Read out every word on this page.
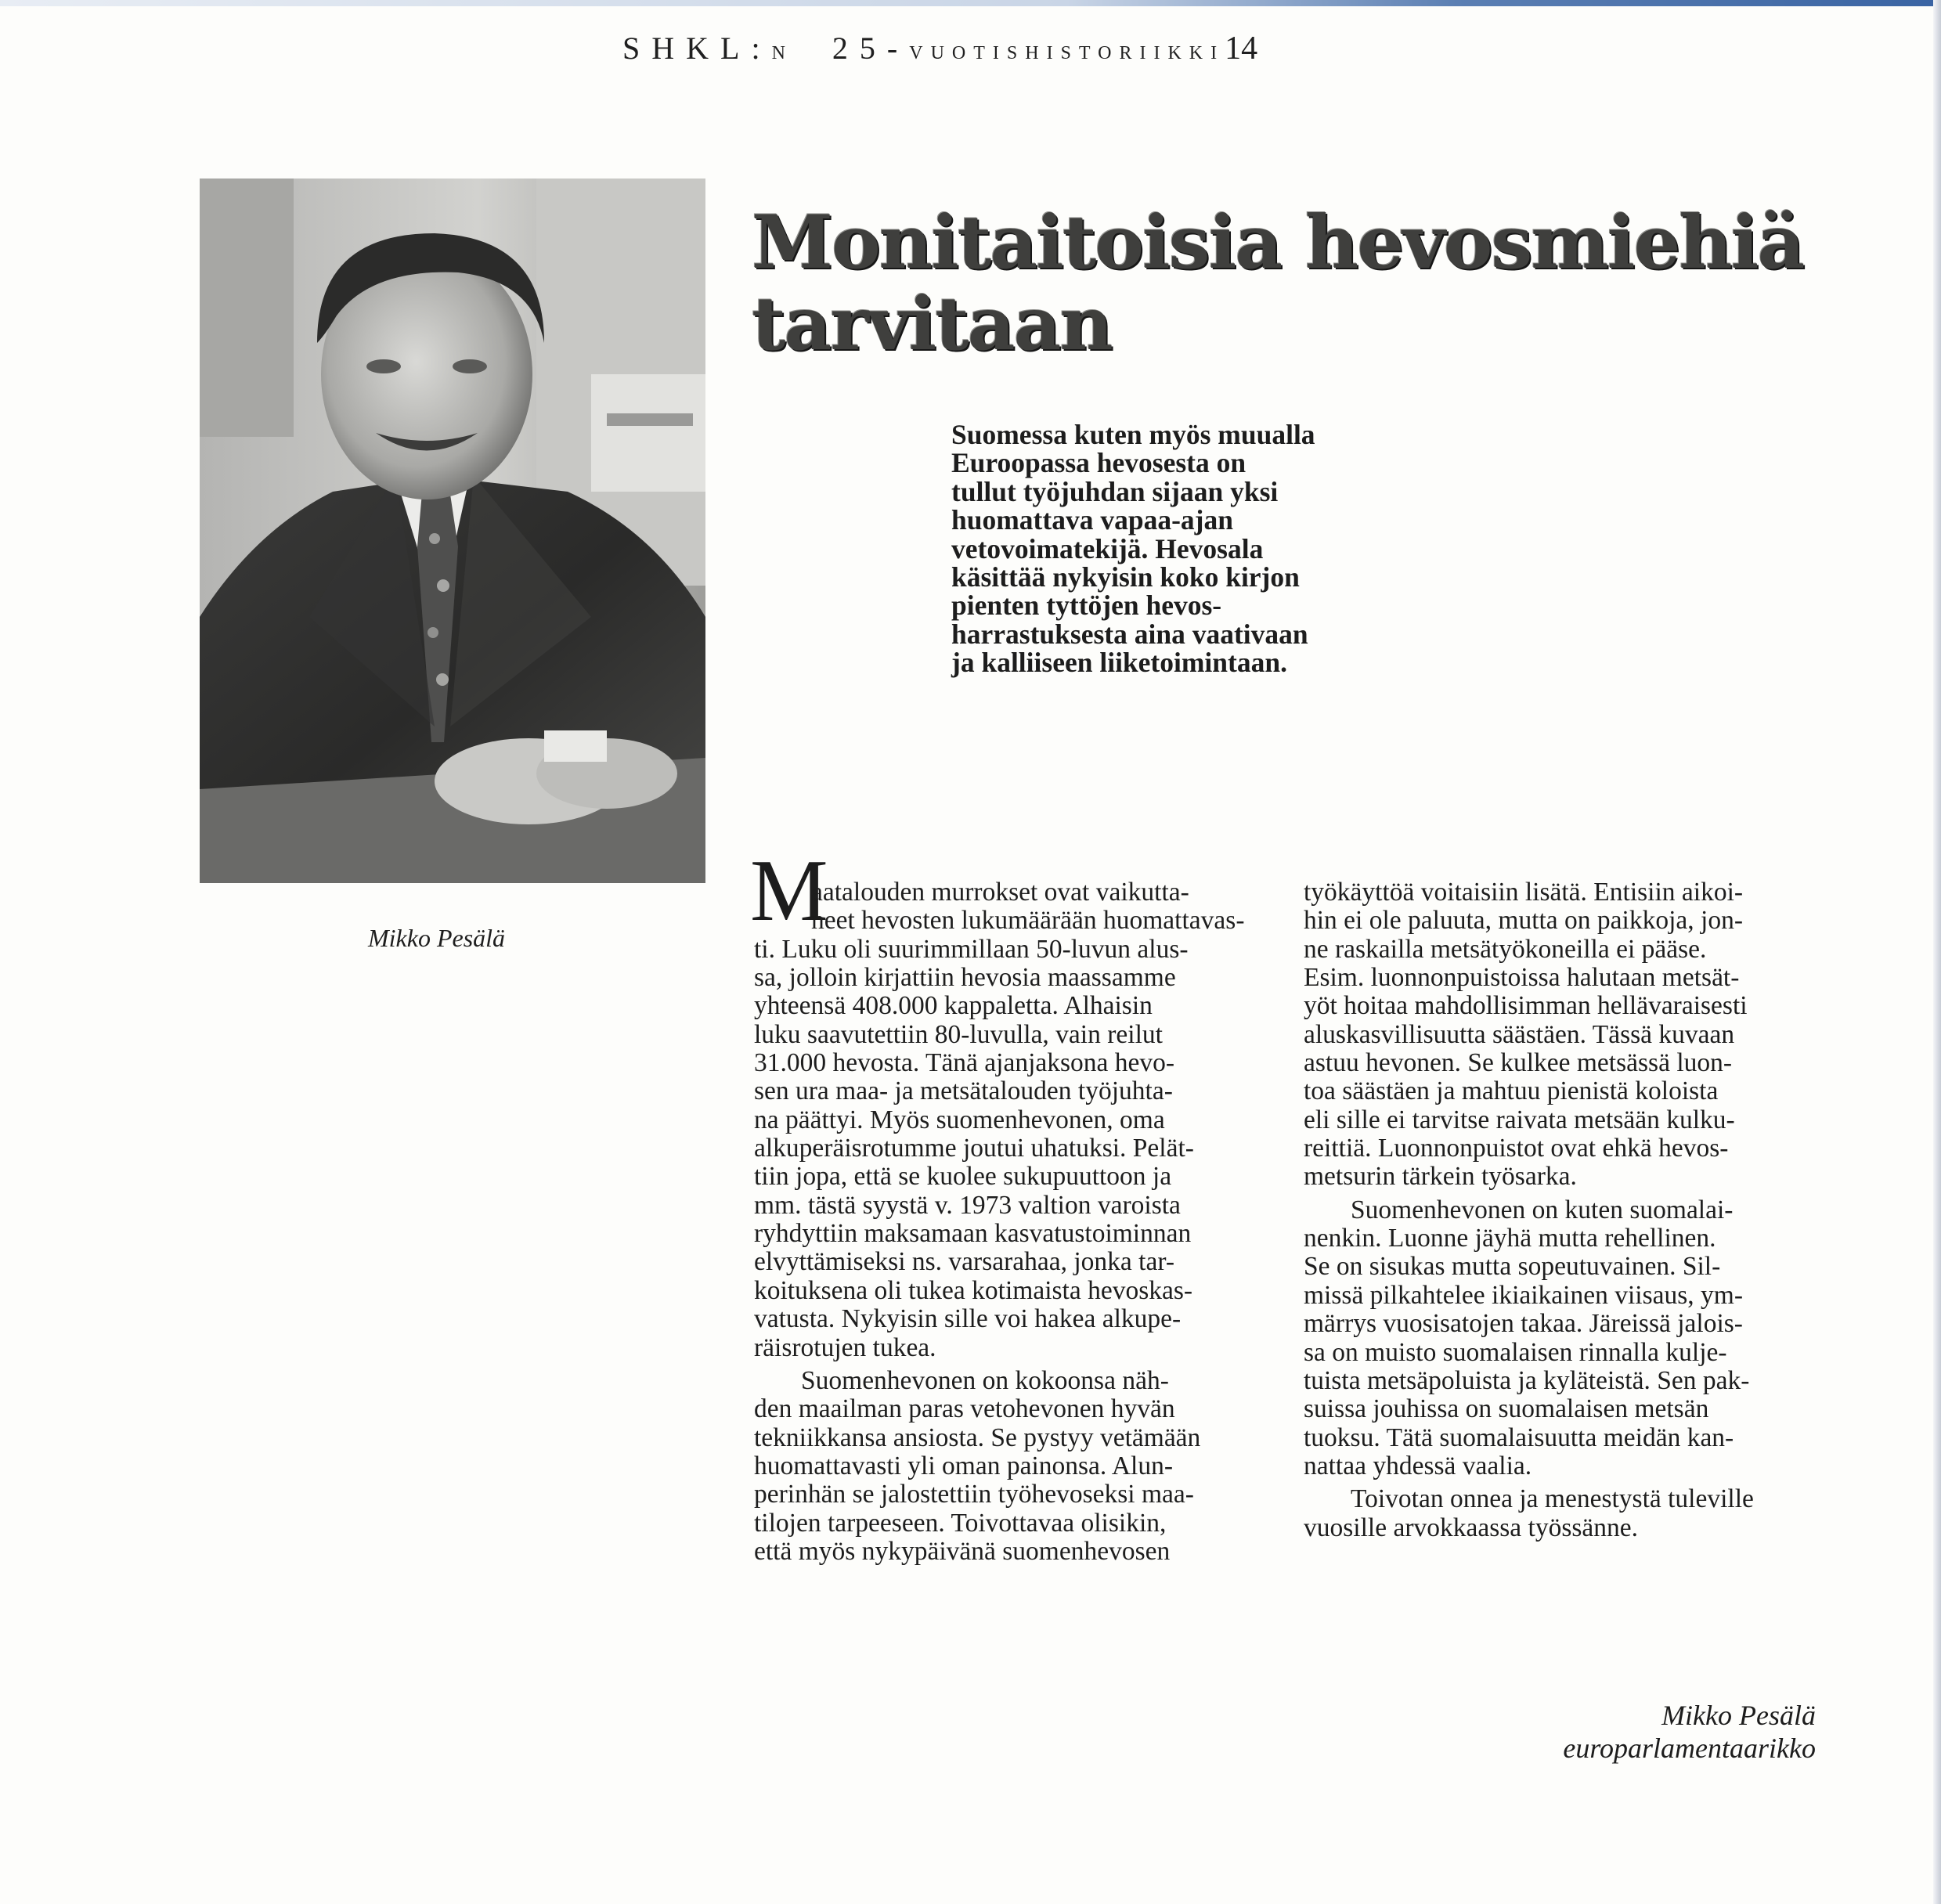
SHKL:N 25-VUOTISHISTORIIKKI14
Mikko Pesälä
Monitaitoisia hevosmiehiä
tarvitaan
Suomessa kuten myös muualla
Euroopassa hevosesta on
tullut työjuhdan sijaan yksi
huomattava vapaa-ajan
vetovoimatekijä. Hevosala
käsittää nykyisin koko kirjon
pienten tyttöjen hevos-
harrastuksesta aina vaativaan
ja kalliiseen liiketoimintaan.
M
aatalouden murrokset ovat vaikutta-
neet hevosten lukumäärään huomattavas-
ti. Luku oli suurimmillaan 50-luvun alus-
sa, jolloin kirjattiin hevosia maassamme
yhteensä 408.000 kappaletta. Alhaisin
luku saavutettiin 80-luvulla, vain reilut
31.000 hevosta. Tänä ajanjaksona hevo-
sen ura maa- ja metsätalouden työjuhta-
na päättyi. Myös suomenhevonen, oma
alkuperäisrotumme joutui uhatuksi. Pelät-
tiin jopa, että se kuolee sukupuuttoon ja
mm. tästä syystä v. 1973 valtion varoista
ryhdyttiin maksamaan kasvatustoiminnan
elvyttämiseksi ns. varsarahaa, jonka tar-
koituksena oli tukea kotimaista hevoskas-
vatusta. Nykyisin sille voi hakea alkupe-
räisrotujen tukea.
Suomenhevonen on kokoonsa näh-
den maailman paras vetohevonen hyvän
tekniikkansa ansiosta. Se pystyy vetämään
huomattavasti yli oman painonsa. Alun-
perinhän se jalostettiin työhevoseksi maa-
tilojen tarpeeseen. Toivottavaa olisikin,
että myös nykypäivänä suomenhevosen
työkäyttöä voitaisiin lisätä. Entisiin aikoi-
hin ei ole paluuta, mutta on paikkoja, jon-
ne raskailla metsätyökoneilla ei pääse.
Esim. luonnonpuistoissa halutaan metsät-
yöt hoitaa mahdollisimman hellävaraisesti
aluskasvillisuutta säästäen. Tässä kuvaan
astuu hevonen. Se kulkee metsässä luon-
toa säästäen ja mahtuu pienistä koloista
eli sille ei tarvitse raivata metsään kulku-
reittiä. Luonnonpuistot ovat ehkä hevos-
metsurin tärkein työsarka.
Suomenhevonen on kuten suomalai-
nenkin. Luonne jäyhä mutta rehellinen.
Se on sisukas mutta sopeutuvainen. Sil-
missä pilkahtelee ikiaikainen viisaus, ym-
märrys vuosisatojen takaa. Järeissä jalois-
sa on muisto suomalaisen rinnalla kulje-
tuista metsäpoluista ja kyläteistä. Sen pak-
suissa jouhissa on suomalaisen metsän
tuoksu. Tätä suomalaisuutta meidän kan-
nattaa yhdessä vaalia.
Toivotan onnea ja menestystä tuleville
vuosille arvokkaassa työssänne.
Mikko Pesälä
europarlamentaarikko
